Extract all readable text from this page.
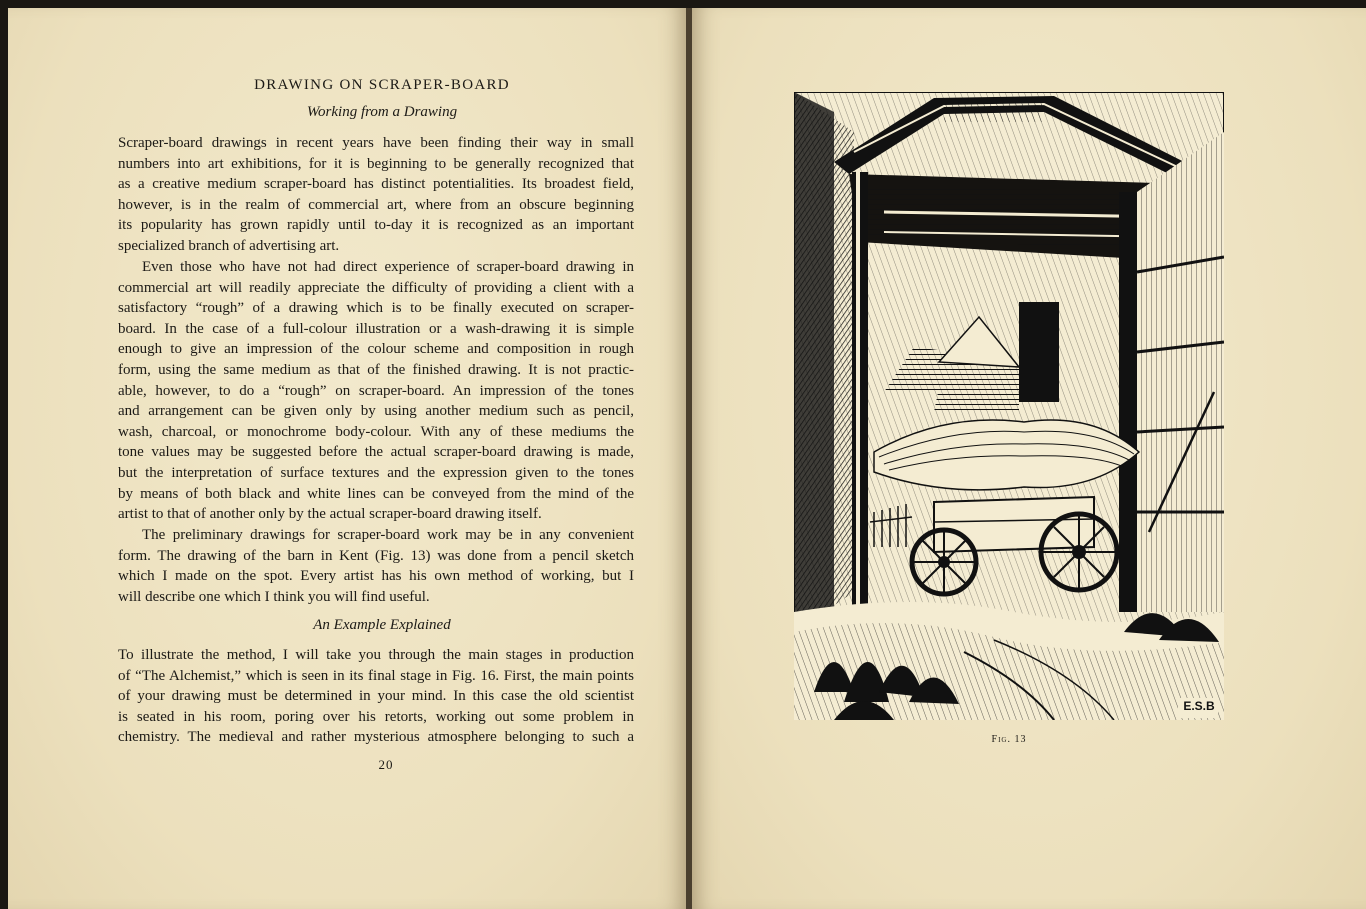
DRAWING ON SCRAPER-BOARD
Working from a Drawing

Scraper-board drawings in recent years have been finding their way in small
numbers into art exhibitions, for it is beginning to be generally recognized that
as a creative medium scraper-board has distinct potentialities. Its broadest field,
however, is in the realm of commercial art, where from an obscure beginning
its popularity has grown rapidly until to-day it is recognized as an important
specialized branch of advertising art.

Even those who have not had direct experience of scraper-board drawing in
commercial art will readily appreciate the difficulty of providing a client with a
satisfactory “rough” of a drawing which is to be finally executed on scraper-
board. In the case of a full-colour illustration or a wash-drawing it is simple
enough to give an impression of the colour scheme and composition in rough
form, using the same medium as that of the finished drawing. It is not practic-
able, however, to do a “rough” on scraper-board. An impression of the tones
and arrangement can be given only by using another medium such as pencil,
wash, charcoal, or monochrome body-colour. With any of these mediums the
tone values may be suggested before the actual scraper-board drawing is made,
but the interpretation of surface textures and the expression given to the tones
by means of both black and white lines can be conveyed from the mind of the
artist to that of another only by the actual scraper-board drawing itself.

The preliminary drawings for scraper-board work may be in any convenient
form. The drawing of the barn in Kent (Fig. 13) was done from a pencil sketch
which I made on the spot. Every artist has his own method of working, but I
will describe one which I think you will find useful.

An Example Explained

To illustrate the method, I will take you through the main stages in production
of “The Alchemist,” which is seen in its final stage in Fig. 16. First, the main points
of your drawing must be determined in your mind. In this case the old scientist
is seated in his room, poring over his retorts, working out some problem in
chemistry. The medieval and rather mysterious atmosphere belonging to such a

20
E.S.B
Fig. 13
